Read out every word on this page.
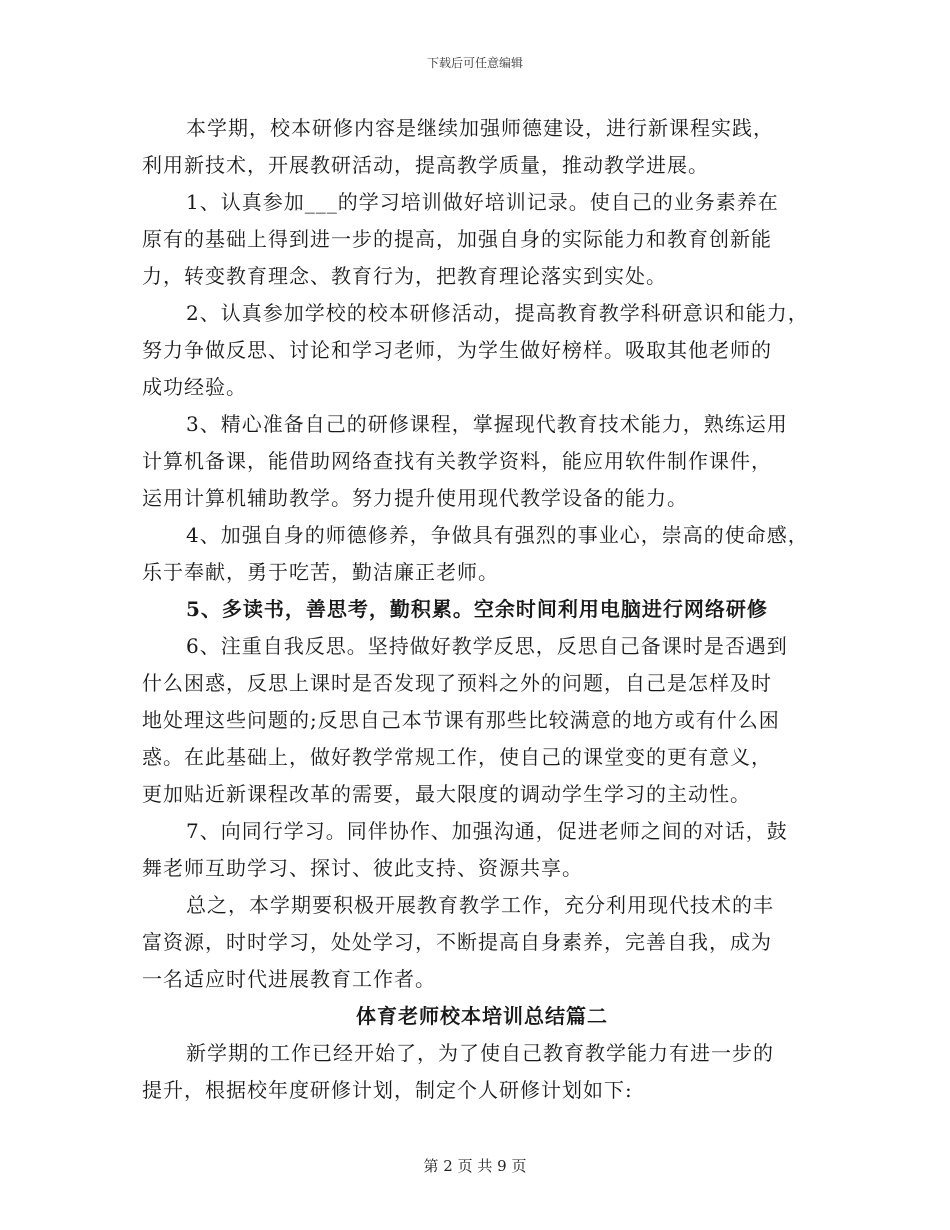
下载后可任意编辑
本学期，校本研修内容是继续加强师德建设，进行新课程实践，
利用新技术，开展教研活动，提高教学质量，推动教学进展。
1、认真参加___的学习培训做好培训记录。使自己的业务素养在
原有的基础上得到进一步的提高，加强自身的实际能力和教育创新能
力，转变教育理念、教育行为，把教育理论落实到实处。
2、认真参加学校的校本研修活动，提高教育教学科研意识和能力，
努力争做反思、讨论和学习老师，为学生做好榜样。吸取其他老师的
成功经验。
3、精心准备自己的研修课程，掌握现代教育技术能力，熟练运用
计算机备课，能借助网络查找有关教学资料，能应用软件制作课件，
运用计算机辅助教学。努力提升使用现代教学设备的能力。
4、加强自身的师德修养，争做具有强烈的事业心，崇高的使命感，
乐于奉献，勇于吃苦，勤洁廉正老师。
5、多读书，善思考，勤积累。空余时间利用电脑进行网络研修
6、注重自我反思。坚持做好教学反思，反思自己备课时是否遇到
什么困惑，反思上课时是否发现了预料之外的问题，自己是怎样及时
地处理这些问题的;反思自己本节课有那些比较满意的地方或有什么困
惑。在此基础上，做好教学常规工作，使自己的课堂变的更有意义，
更加贴近新课程改革的需要，最大限度的调动学生学习的主动性。
7、向同行学习。同伴协作、加强沟通，促进老师之间的对话，鼓
舞老师互助学习、探讨、彼此支持、资源共享。
总之，本学期要积极开展教育教学工作，充分利用现代技术的丰
富资源，时时学习，处处学习，不断提高自身素养，完善自我，成为
一名适应时代进展教育工作者。
体育老师校本培训总结篇二
新学期的工作已经开始了，为了使自己教育教学能力有进一步的
提升，根据校年度研修计划，制定个人研修计划如下:
第 2 页 共 9 页
